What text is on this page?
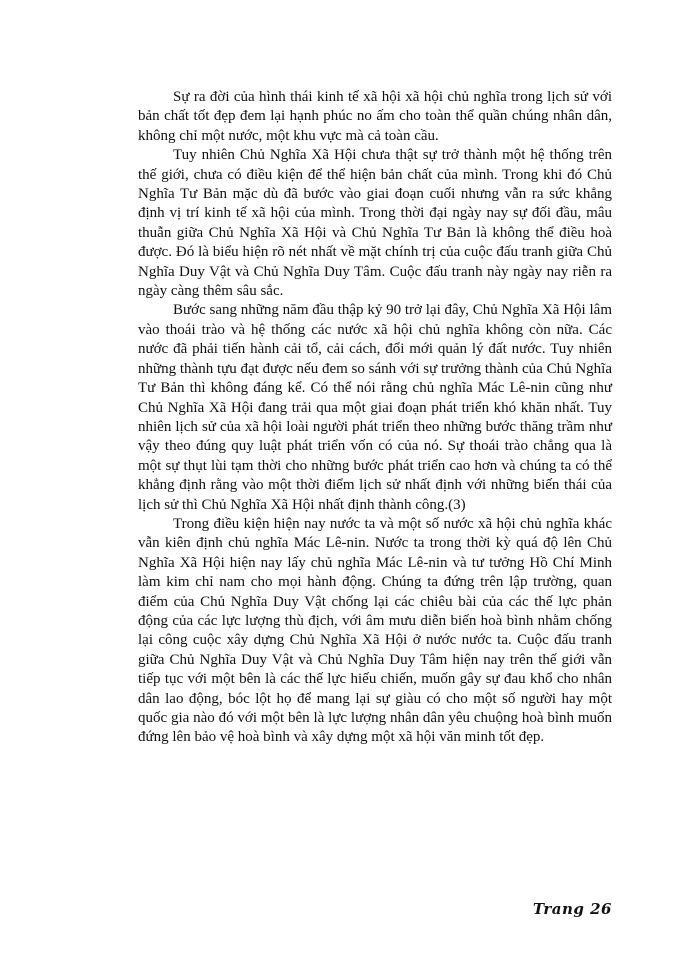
Sự ra đời của hình thái kinh tế xã hội xã hội chủ nghĩa trong lịch sử với bản chất tốt đẹp đem lại hạnh phúc no ấm cho toàn thể quần chúng nhân dân, không chỉ một nước, một khu vực mà cả toàn cầu.

Tuy nhiên Chủ Nghĩa Xã Hội chưa thật sự trở thành một hệ thống trên thế giới, chưa có điều kiện để thể hiện bản chất của mình. Trong khi đó Chủ Nghĩa Tư Bản mặc dù đã bước vào giai đoạn cuối nhưng vẫn ra sức khẳng định vị trí kinh tế xã hội của mình. Trong thời đại ngày nay sự đối đầu, mâu thuẫn giữa Chủ Nghĩa Xã Hội và Chủ Nghĩa Tư Bản là không thể điều hoà được. Đó là biểu hiện rõ nét nhất về mặt chính trị của cuộc đấu tranh giữa Chủ Nghĩa Duy Vật và Chủ Nghĩa Duy Tâm. Cuộc đấu tranh này ngày nay riễn ra ngày càng thêm sâu sắc.

Bước sang những năm đầu thập kỷ 90 trở lại đây, Chủ Nghĩa Xã Hội lâm vào thoái trào và hệ thống các nước xã hội chủ nghĩa không còn nữa. Các nước đã phải tiến hành cải tổ, cải cách, đổi mới quản lý đất nước. Tuy nhiên những thành tựu đạt được nếu đem so sánh với sự trưởng thành của Chủ Nghĩa Tư Bản thì không đáng kể. Có thể nói rằng chủ nghĩa Mác Lê-nin cũng như Chủ Nghĩa Xã Hội đang trải qua một giai đoạn phát triển khó khăn nhất. Tuy nhiên lịch sử của xã hội loài người phát triển theo những bước thăng trầm như vậy theo đúng quy luật phát triển vốn có của nó. Sự thoái trào chẳng qua là một sự thụt lùi tạm thời cho những bước phát triển cao hơn và chúng ta có thể khẳng định rằng vào một thời điểm lịch sử nhất định với những biến thái của lịch sử thì Chủ Nghĩa Xã Hội nhất định thành công.(3)

Trong điều kiện hiện nay nước ta và một số nước xã hội chủ nghĩa khác vẫn kiên định chủ nghĩa Mác Lê-nin. Nước ta trong thời kỳ quá độ lên Chủ Nghĩa Xã Hội hiện nay lấy chủ nghĩa Mác Lê-nin và tư tưởng Hồ Chí Minh làm kim chỉ nam cho mọi hành động. Chúng ta đứng trên lập trường, quan điểm của Chủ Nghĩa Duy Vật chống lại các chiêu bài của các thế lực phản động của các lực lượng thù địch, với âm mưu diễn biến hoà bình nhằm chống lại công cuộc xây dựng Chủ Nghĩa Xã Hội ở nước nước ta. Cuộc đấu tranh giữa Chủ Nghĩa Duy Vật và Chủ Nghĩa Duy Tâm hiện nay trên thế giới vẫn tiếp tục với một bên là các thế lực hiếu chiến, muốn gây sự đau khổ cho nhân dân lao động, bóc lột họ để mang lại sự giàu có cho một số người hay một quốc gia nào đó với một bên là lực lượng nhân dân yêu chuộng hoà bình muốn đứng lên bảo vệ hoà bình và xây dựng một xã hội văn minh tốt đẹp.

Trang 26
